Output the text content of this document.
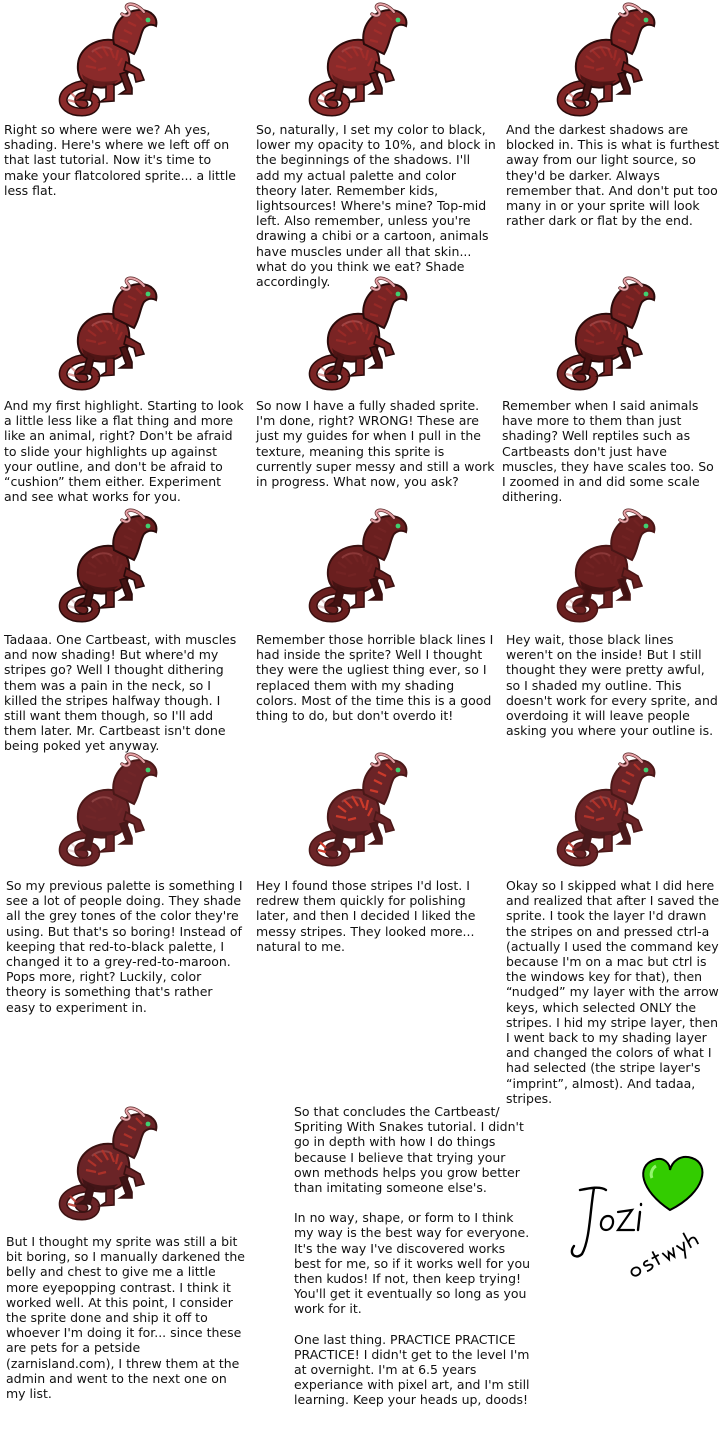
Right so where were we? Ah yes, shading. Here's where we left off on that last tutorial. Now it's time to make your flatcolored sprite... a little less flat.

So, naturally, I set my color to black, lower my opacity to 10%, and block in the beginnings of the shadows. I'll add my actual palette and color theory later. Remember kids, lightsources! Where's mine? Top-mid left. Also remember, unless you're drawing a chibi or a cartoon, animals have muscles under all that skin... what do you think we eat? Shade accordingly.

And the darkest shadows are blocked in. This is what is furthest away from our light source, so they'd be darker. Always remember that. And don't put too many in or your sprite will look rather dark or flat by the end.

And my first highlight. Starting to look a little less like a flat thing and more like an animal, right? Don't be afraid to slide your highlights up against your outline, and don't be afraid to “cushion” them either. Experiment and see what works for you.

So now I have a fully shaded sprite. I'm done, right? WRONG! These are just my guides for when I pull in the texture, meaning this sprite is currently super messy and still a work in progress. What now, you ask?

Remember when I said animals have more to them than just shading? Well reptiles such as Cartbeasts don't just have muscles, they have scales too. So I zoomed in and did some scale dithering.

Tadaaa. One Cartbeast, with muscles and now shading! But where'd my stripes go? Well I thought dithering them was a pain in the neck, so I killed the stripes halfway though. I still want them though, so I'll add them later. Mr. Cartbeast isn't done being poked yet anyway.

Remember those horrible black lines I had inside the sprite? Well I thought they were the ugliest thing ever, so I replaced them with my shading colors. Most of the time this is a good thing to do, but don't overdo it!

Hey wait, those black lines weren't on the inside! But I still thought they were pretty awful, so I shaded my outline. This doesn't work for every sprite, and overdoing it will leave people asking you where your outline is.

So my previous palette is something I see a lot of people doing. They shade all the grey tones of the color they're using. But that's so boring! Instead of keeping that red-to-black palette, I changed it to a grey-red-to-maroon. Pops more, right? Luckily, color theory is something that's rather easy to experiment in.

Hey I found those stripes I'd lost. I redrew them quickly for polishing later, and then I decided I liked the messy stripes. They looked more... natural to me.

Okay so I skipped what I did here and realized that after I saved the sprite. I took the layer I'd drawn the stripes on and pressed ctrl-a (actually I used the command key because I'm on a mac but ctrl is the windows key for that), then “nudged” my layer with the arrow keys, which selected ONLY the stripes. I hid my stripe layer, then I went back to my shading layer and changed the colors of what I had selected (the stripe layer's “imprint”, almost). And tadaa, stripes.

But I thought my sprite was still a bit bit boring, so I manually darkened the belly and chest to give me a little more eyepopping contrast. I think it worked well. At this point, I consider the sprite done and ship it off to whoever I'm doing it for... since these are pets for a petside (zarnisland.com), I threw them at the admin and went to the next one on my list.

So that concludes the Cartbeast/ Spriting With Snakes tutorial. I didn't go in depth with how I do things because I believe that trying your own methods helps you grow better than imitating someone else's.

In no way, shape, or form to I think my way is the best way for everyone. It's the way I've discovered works best for me, so if it works well for you then kudos! If not, then keep trying! You'll get it eventually so long as you work for it.

One last thing. PRACTICE PRACTICE PRACTICE! I didn't get to the level I'm at overnight. I'm at 6.5 years experiance with pixel art, and I'm still learning. Keep your heads up, doods!
